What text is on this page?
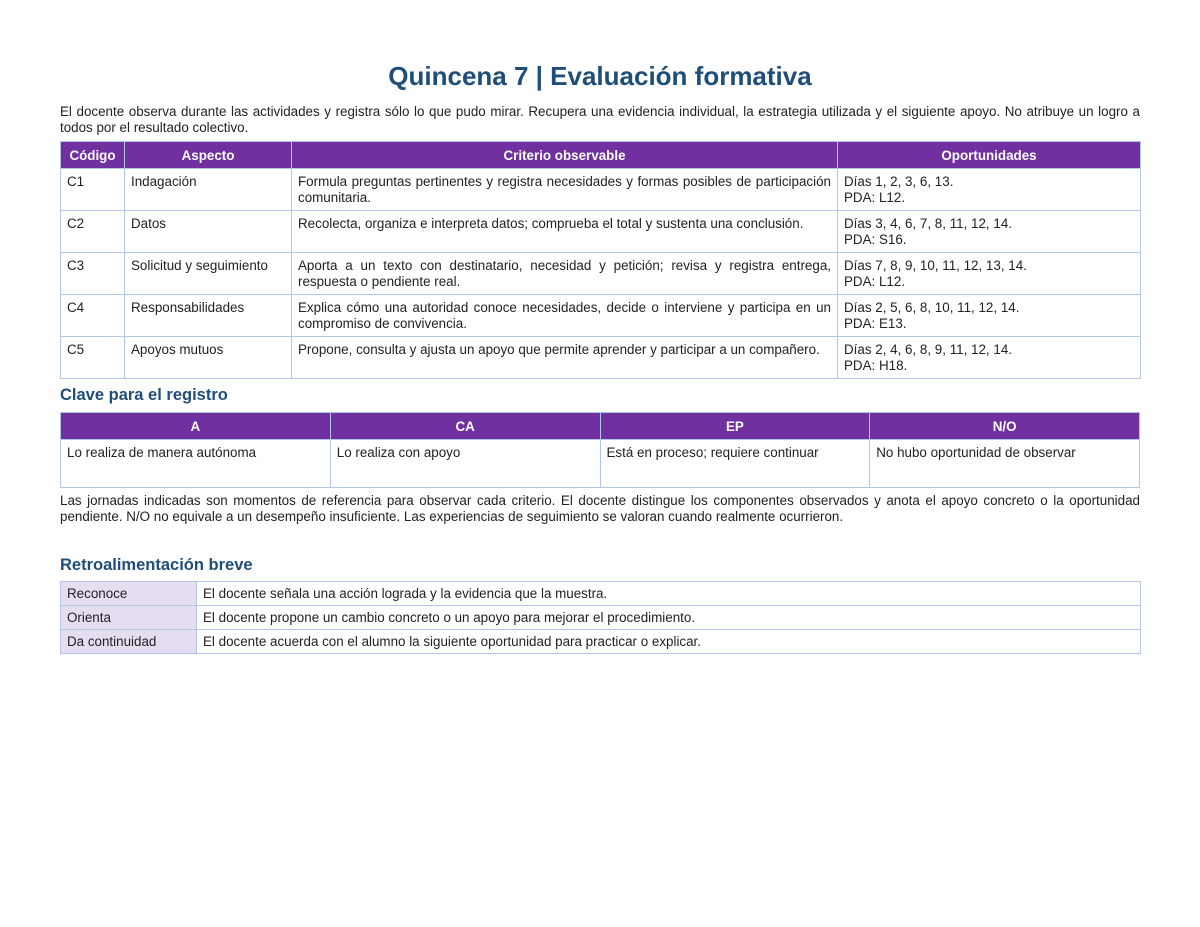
Quincena 7 | Evaluación formativa

El docente observa durante las actividades y registra sólo lo que pudo mirar. Recupera una evidencia individual, la estrategia utilizada y el siguiente apoyo. No atribuye un logro a todos por el resultado colectivo.

Código	Aspecto	Criterio observable	Oportunidades
C1	Indagación	Formula preguntas pertinentes y registra necesidades y formas posibles de participación comunitaria.	Días 1, 2, 3, 6, 13.
PDA: L12.

C2	Datos	Recolecta, organiza e interpreta datos; comprueba el total y sustenta una conclusión.	Días 3, 4, 6, 7, 8, 11, 12, 14.
PDA: S16.

C3	Solicitud y seguimiento	Aporta a un texto con destinatario, necesidad y petición; revisa y registra entrega, respuesta o pendiente real.	Días 7, 8, 9, 10, 11, 12, 13, 14.
PDA: L12.

C4	Responsabilidades	Explica cómo una autoridad conoce necesidades, decide o interviene y participa en un compromiso de convivencia.	Días 2, 5, 6, 8, 10, 11, 12, 14.
PDA: E13.

C5	Apoyos mutuos	Propone, consulta y ajusta un apoyo que permite aprender y participar a un compañero.	Días 2, 4, 6, 8, 9, 11, 12, 14.
PDA: H18.
Clave para el registro
A	CA	EP	N/O
Lo realiza de manera autónoma	Lo realiza con apoyo	Está en proceso; requiere continuar	No hubo oportunidad de observar

Las jornadas indicadas son momentos de referencia para observar cada criterio. El docente distingue los componentes observados y anota el apoyo concreto o la oportunidad pendiente. N/O no equivale a un desempeño insuficiente. Las experiencias de seguimiento se valoran cuando realmente ocurrieron.

Retroalimentación breve
Reconoce	El docente señala una acción lograda y la evidencia que la muestra.
Orienta	El docente propone un cambio concreto o un apoyo para mejorar el procedimiento.
Da continuidad	El docente acuerda con el alumno la siguiente oportunidad para practicar o explicar.
